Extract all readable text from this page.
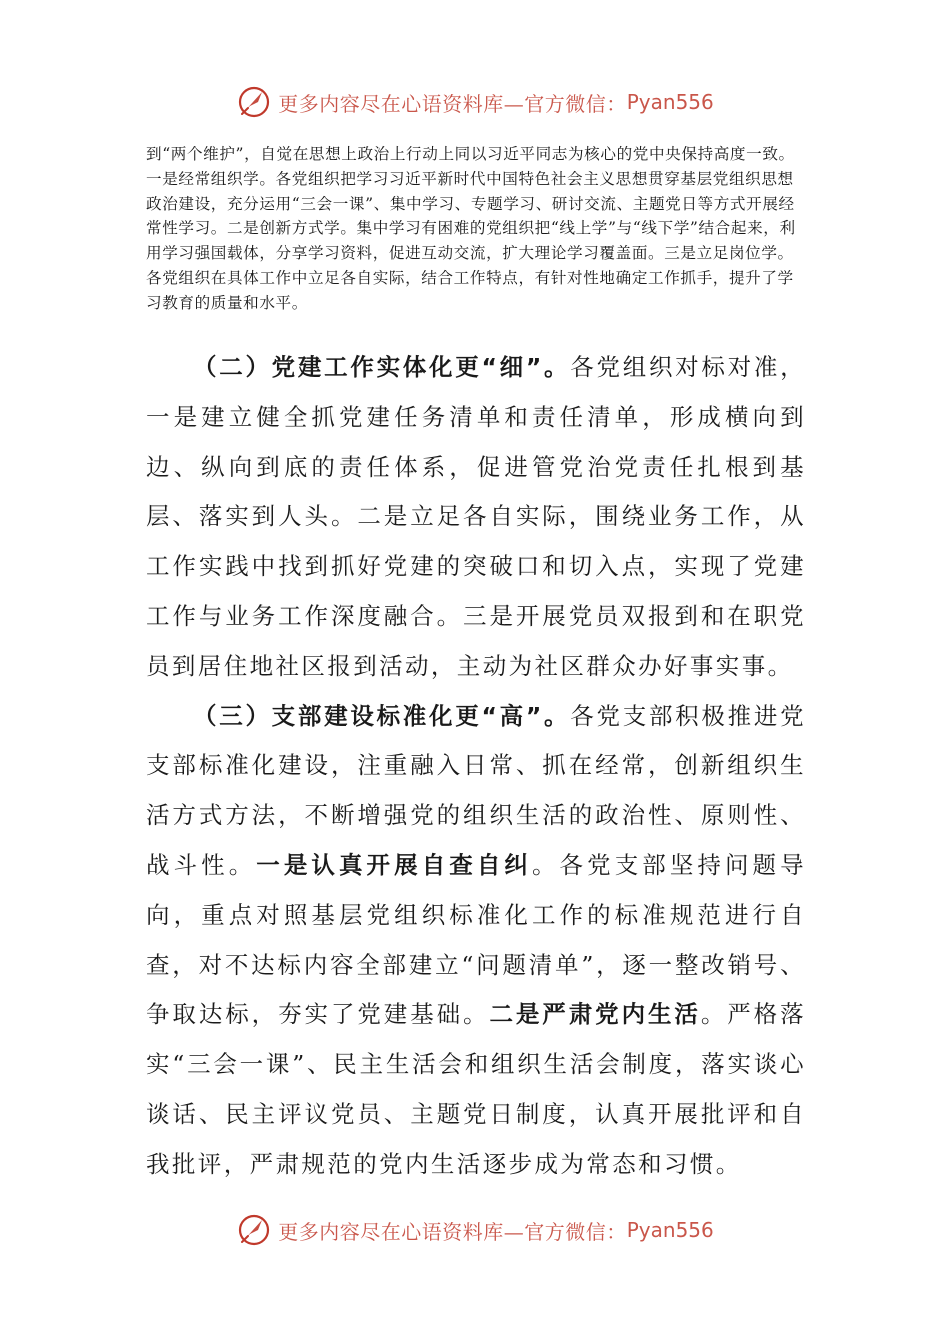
更多内容尽在心语资料库—官方微信： Pyan556

到“两个维护”，自觉在思想上政治上行动上同以习近平同志为核心的党中央保持高度一致。一是经常组织学。各党组织把学习习近平新时代中国特色社会主义思想贯穿基层党组织思想政治建设，充分运用“三会一课”、集中学习、专题学习、研讨交流、主题党日等方式开展经常性学习。二是创新方式学。集中学习有困难的党组织把“线上学”与“线下学”结合起来，利用学习强国载体，分享学习资料，促进互动交流，扩大理论学习覆盖面。三是立足岗位学。各党组织在具体工作中立足各自实际，结合工作特点，有针对性地确定工作抓手，提升了学习教育的质量和水平。

（二）党建工作实体化更“细”。各党组织对标对准，一是建立健全抓党建任务清单和责任清单，形成横向到边、纵向到底的责任体系，促进管党治党责任扎根到基层、落实到人头。二是立足各自实际，围绕业务工作，从工作实践中找到抓好党建的突破口和切入点，实现了党建工作与业务工作深度融合。三是开展党员双报到和在职党员到居住地社区报到活动，主动为社区群众办好事实事。

（三）支部建设标准化更“高”。各党支部积极推进党支部标准化建设，注重融入日常、抓在经常，创新组织生活方式方法，不断增强党的组织生活的政治性、原则性、战斗性。一是认真开展自查自纠。各党支部坚持问题导向，重点对照基层党组织标准化工作的标准规范进行自查，对不达标内容全部建立“问题清单”，逐一整改销号、争取达标，夯实了党建基础。二是严肃党内生活。严格落实“三会一课”、民主生活会和组织生活会制度，落实谈心谈话、民主评议党员、主题党日制度，认真开展批评和自我批评，严肃规范的党内生活逐步成为常态和习惯。

更多内容尽在心语资料库—官方微信： Pyan556
